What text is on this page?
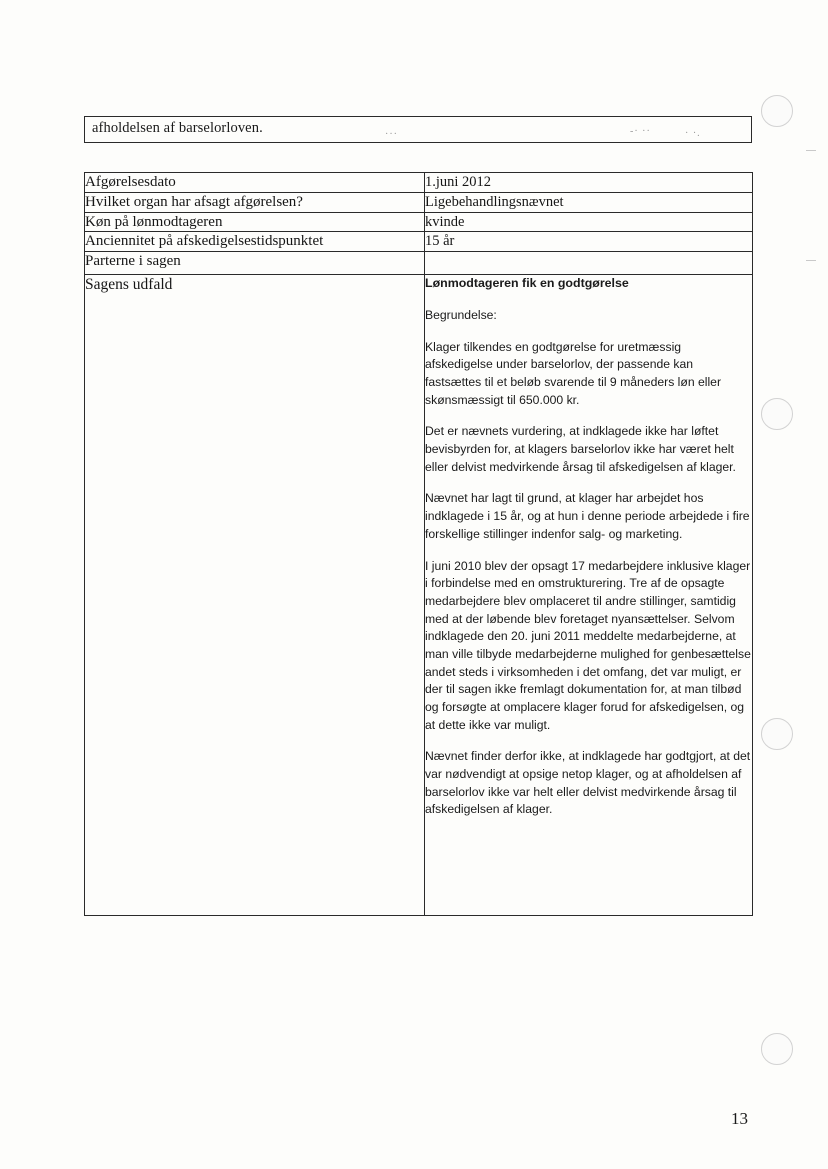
afholdelsen af barselorloven.	···	-· ··	· ·.
Afgørelsesdato	1.juni 2012
Hvilket organ har afsagt afgørelsen?	Ligebehandlingsnævnet
Køn på lønmodtageren	kvinde
Anciennitet på afskedigelsestidspunktet	15 år
Parterne i sagen	
Sagens udfald	Lønmodtageren fik en godtgørelse

Begrundelse:

Klager tilkendes en godtgørelse for uretmæssig afskedigelse under barselorlov, der passende kan fastsættes til et beløb svarende til 9 måneders løn eller skønsmæssigt til 650.000 kr.

Det er nævnets vurdering, at indklagede ikke har løftet bevisbyrden for, at klagers barselorlov ikke har været helt eller delvist medvirkende årsag til afskedigelsen af klager.

Nævnet har lagt til grund, at klager har arbejdet hos indklagede i 15 år, og at hun i denne periode arbejdede i fire forskellige stillinger indenfor salg- og marketing.

I juni 2010 blev der opsagt 17 medarbejdere inklusive klager i forbindelse med en omstrukturering. Tre af de opsagte medarbejdere blev omplaceret til andre stillinger, samtidig med at der løbende blev foretaget nyansættelser. Selvom indklagede den 20. juni 2011 meddelte medarbejderne, at man ville tilbyde medarbejderne mulighed for genbesættelse andet steds i virksomheden i det omfang, det var muligt, er der til sagen ikke fremlagt dokumentation for, at man tilbød og forsøgte at omplacere klager forud for afskedigelsen, og at dette ikke var muligt.

Nævnet finder derfor ikke, at indklagede har godtgjort, at det var nødvendigt at opsige netop klager, og at afholdelsen af barselorlov ikke var helt eller delvist medvirkende årsag til afskedigelsen af klager.

13
